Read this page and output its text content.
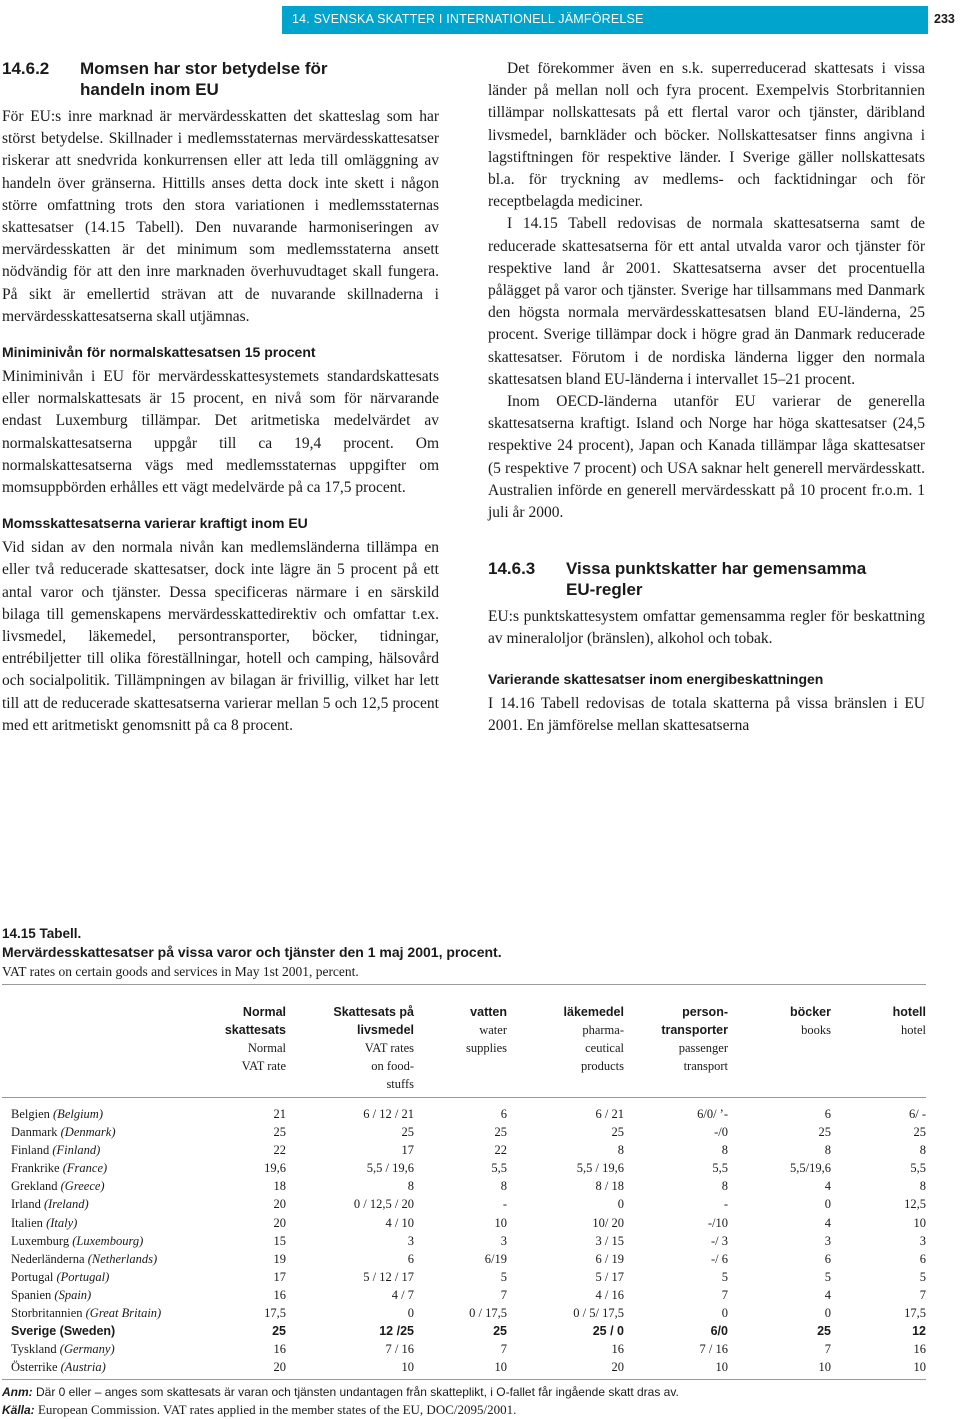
14. SVENSKA SKATTER I INTERNATIONELL JÄMFÖRELSE	233
14.6.2	Momsen har stor betydelse för
handeln inom EU

För EU:s inre marknad är mervärdesskatten det skatteslag som har störst betydelse. Skillnader i medlemsstaternas mervärdesskattesatser riskerar att snedvrida konkurrensen eller att leda till omläggning av handeln över gränserna. Hittills anses detta dock inte skett i någon större omfattning trots den stora variationen i medlemsstaternas skattesatser (14.15 Tabell). Den nuvarande harmoniseringen av mervärdesskatten är det minimum som medlemsstaterna ansett nödvändig för att den inre marknaden överhuvudtaget skall fungera. På sikt är emellertid strävan att de nuvarande skillnaderna i mervärdesskattesatserna skall utjämnas.

Miniminivån för normalskattesatsen 15 procent

Miniminivån i EU för mervärdesskattesystemets standardskattesats eller normalskattesats är 15 procent, en nivå som för närvarande endast Luxemburg tillämpar. Det aritmetiska medelvärdet av normalskattesatserna uppgår till ca 19,4 procent. Om normalskattesatserna vägs med medlemsstaternas uppgifter om momsuppbörden erhålles ett vägt medelvärde på ca 17,5 procent.

Momsskattesatserna varierar kraftigt inom EU

Vid sidan av den normala nivån kan medlemsländerna tillämpa en eller två reducerade skattesatser, dock inte lägre än 5 procent på ett antal varor och tjänster. Dessa specificeras närmare i en särskild bilaga till gemenskapens mervärdesskattedirektiv och omfattar t.ex. livsmedel, läkemedel, persontransporter, böcker, tidningar, entrébiljetter till olika föreställningar, hotell och camping, hälsovård och socialpolitik. Tillämpningen av bilagan är frivillig, vilket har lett till att de reducerade skattesatserna varierar mellan 5 och 12,5 procent med ett aritmetiskt genomsnitt på ca 8 procent.

Det förekommer även en s.k. superreducerad skattesats i vissa länder på mellan noll och fyra procent. Exempelvis Storbritannien tillämpar nollskattesats på ett flertal varor och tjänster, däribland livsmedel, barnkläder och böcker. Nollskattesatser finns angivna i lagstiftningen för respektive länder. I Sverige gäller nollskattesats bl.a. för tryckning av medlems- och facktidningar och för receptbelagda mediciner.

I 14.15 Tabell redovisas de normala skattesatserna samt de reducerade skattesatserna för ett antal utvalda varor och tjänster för respektive land år 2001. Skattesatserna avser det procentuella pålägget på varor och tjänster. Sverige har tillsammans med Danmark den högsta normala mervärdesskattesatsen bland EU-länderna, 25 procent. Sverige tillämpar dock i högre grad än Danmark reducerade skattesatser. Förutom i de nordiska länderna ligger den normala skattesatsen bland EU-länderna i intervallet 15–21 procent.

Inom OECD-länderna utanför EU varierar de generella skattesatserna kraftigt. Island och Norge har höga skattesatser (24,5 respektive 24 procent), Japan och Kanada tillämpar låga skattesatser (5 respektive 7 procent) och USA saknar helt generell mervärdesskatt. Australien införde en generell mervärdesskatt på 10 procent fr.o.m. 1 juli år 2000.

14.6.3	Vissa punktskatter har gemensamma
EU-regler

EU:s punktskattesystem omfattar gemensamma regler för beskattning av mineraloljor (bränslen), alkohol och tobak.

Varierande skattesatser inom energibeskattningen

I 14.16 Tabell redovisas de totala skatterna på vissa bränslen i EU 2001. En jämförelse mellan skattesatserna

14.15 Tabell.
Mervärdesskattesatser på vissa varor och tjänster den 1 maj 2001, procent.
VAT rates on certain goods and services in May 1st 2001, percent.

Normal
skattesats
Normal
VAT rate

Skattesats på
livsmedel
VAT rates
on food-
stuffs

vatten
water
supplies

läkemedel
pharma-
ceutical
products

person-
transporter
passenger
transport

böcker
books

hotell
hotel
Belgien (Belgium)	21	6 / 12 / 21	6	6 / 21	6/0/ ’-	6	6/ -
Danmark (Denmark)	25	25	25	25	-/0	25	25
Finland (Finland)	22	17	22	8	8	8	8
Frankrike (France)	19,6	5,5 / 19,6	5,5	5,5 / 19,6	5,5	5,5/19,6	5,5
Grekland (Greece)	18	8	8	8 / 18	8	4	8
Irland (Ireland)	20	0 / 12,5 / 20	-	0	-	0	12,5
Italien (Italy)	20	4 / 10	10	10/ 20	-/10	4	10
Luxemburg (Luxembourg)	15	3	3	3 / 15	-/ 3	3	3
Nederländerna (Netherlands)	19	6	6/19	6 / 19	-/ 6	6	6
Portugal (Portugal)	17	5 / 12 / 17	5	5 / 17	5	5	5
Spanien (Spain)	16	4 / 7	7	4 / 16	7	4	7
Storbritannien (Great Britain)	17,5	0	0 / 17,5	0 / 5/ 17,5	0	0	17,5
Sverige (Sweden)	25	12 /25	25	25 / 0	6/0	25	12
Tyskland (Germany)	16	7 / 16	7	16	7 / 16	7	16
Österrike (Austria)	20	10	10	20	10	10	10
Anm: Där 0 eller – anges som skattesats är varan och tjänsten undantagen från skatteplikt, i O-fallet får ingående skatt dras av.
Källa: European Commission. VAT rates applied in the member states of the EU, DOC/2095/2001.
